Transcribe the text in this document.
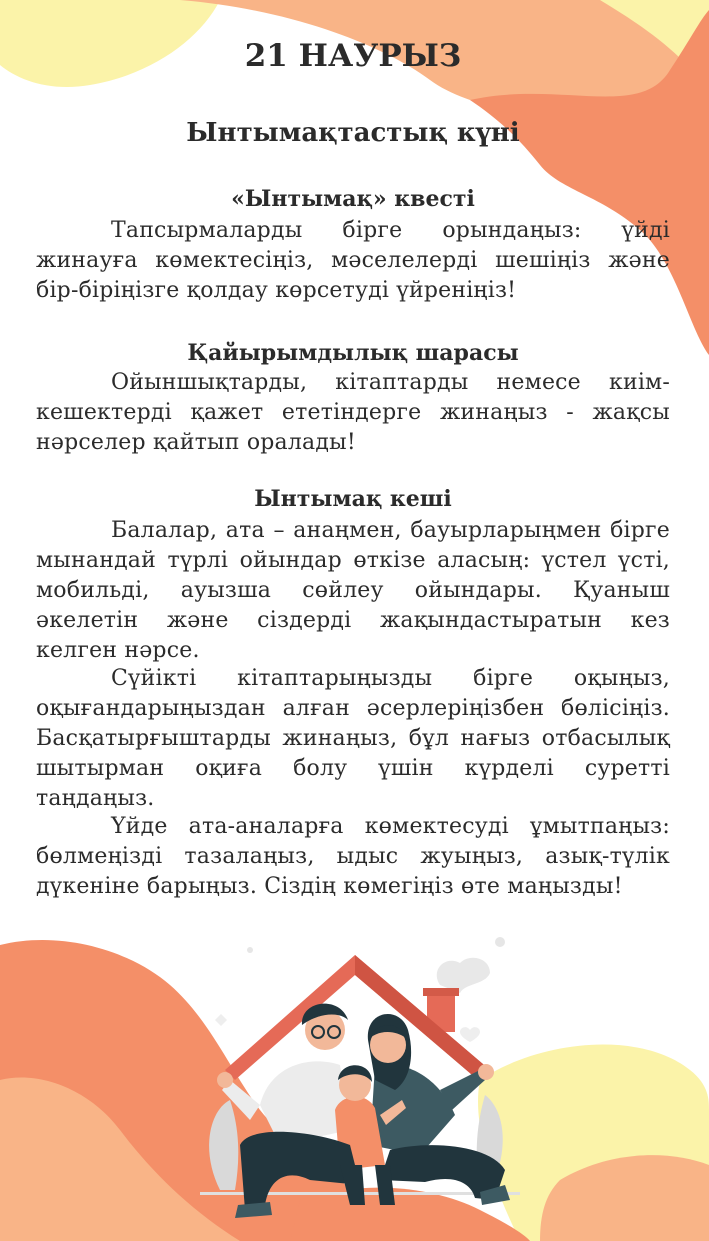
21 НАУРЫЗ
Ынтымақтастық күні
«Ынтымақ» квесті

Тапсырмаларды бірге орындаңыз: үйді жинауға көмектесіңіз, мәселелерді шешіңіз және бір-біріңізге қолдау көрсетуді үйреніңіз!

Қайырымдылық шарасы

Ойыншықтарды, кітаптарды немесе киім-кешектерді қажет ететіндерге жинаңыз - жақсы нәрселер қайтып оралады!

Ынтымақ кеші

Балалар, ата – анаңмен, бауырларыңмен бірге мынандай түрлі ойындар өткізе аласың: үстел үсті, мобильді, ауызша сөйлеу ойындары. Қуаныш әкелетін және сіздерді жақындастыратын кез келген нәрсе.

Сүйікті кітаптарыңызды бірге оқыңыз, оқығандарыңыздан алған әсерлеріңізбен бөлісіңіз. Басқатырғыштарды жинаңыз, бұл нағыз отбасылық шытырман оқиға болу үшін күрделі суретті таңдаңыз.

Үйде ата-аналарға көмектесуді ұмытпаңыз: бөлмеңізді тазалаңыз, ыдыс жуыңыз, азық-түлік дүкеніне барыңыз. Сіздің көмегіңіз өте маңызды!
